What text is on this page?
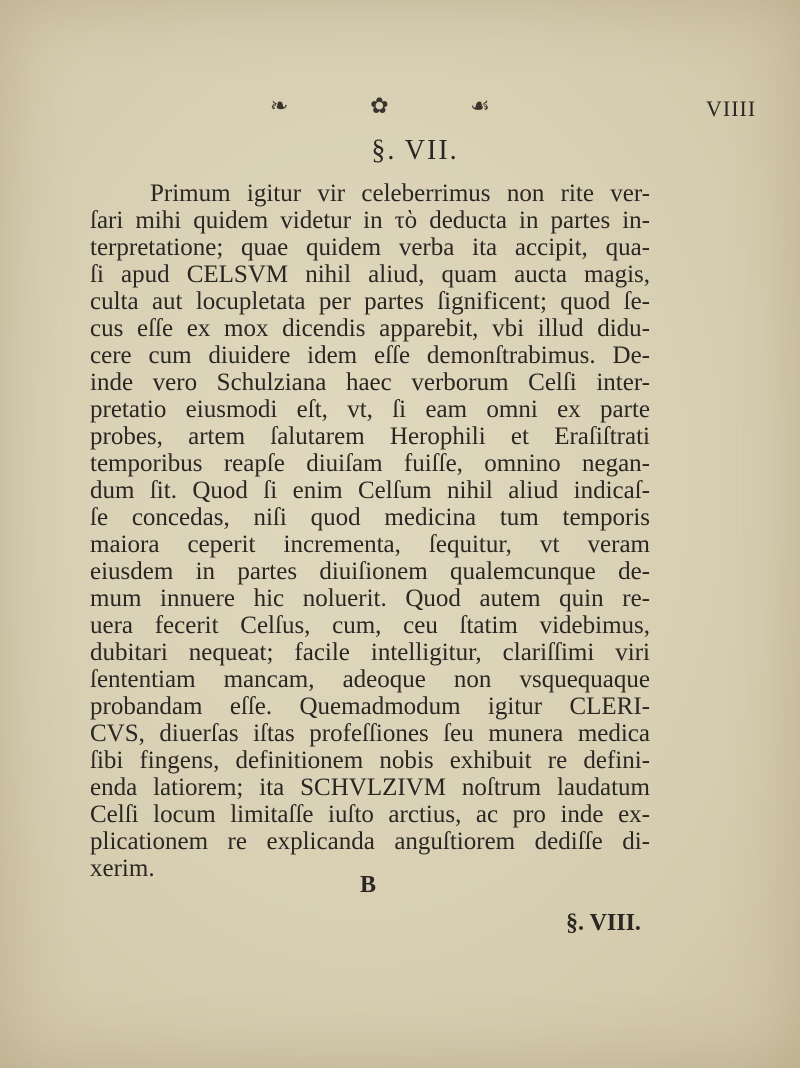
❧	✿	☙	VIIII
§. VII.
Primum igitur vir celeberrimus non rite ver-
ſari mihi quidem videtur in τὸ deducta in partes in-
terpretatione; quae quidem verba ita accipit, qua-
ſi apud CELSVM nihil aliud, quam aucta magis,
culta aut locupletata per partes ſignificent; quod ſe-
cus eſſe ex mox dicendis apparebit, vbi illud didu-
cere cum diuidere idem eſſe demonſtrabimus. De-
inde vero Schulziana haec verborum Celſi inter-
pretatio eiusmodi eſt, vt, ſi eam omni ex parte
probes, artem ſalutarem Herophili et Eraſiſtrati
temporibus reapſe diuiſam fuiſſe, omnino negan-
dum ſit. Quod ſi enim Celſum nihil aliud indicaſ-
ſe concedas, niſi quod medicina tum temporis
maiora ceperit incrementa, ſequitur, vt veram
eiusdem in partes diuiſionem qualemcunque de-
mum innuere hic noluerit. Quod autem quin re-
uera fecerit Celſus, cum, ceu ſtatim videbimus,
dubitari nequeat; facile intelligitur, clariſſimi viri
ſententiam mancam, adeoque non vsquequaque
probandam eſſe. Quemadmodum igitur CLERI-
CVS, diuerſas iſtas profeſſiones ſeu munera medica
ſibi fingens, definitionem nobis exhibuit re defini-
enda latiorem; ita SCHVLZIVM noſtrum laudatum
Celſi locum limitaſſe iuſto arctius, ac pro inde ex-
plicationem re explicanda anguſtiorem dediſſe di-
xerim.
B
§. VIII.
